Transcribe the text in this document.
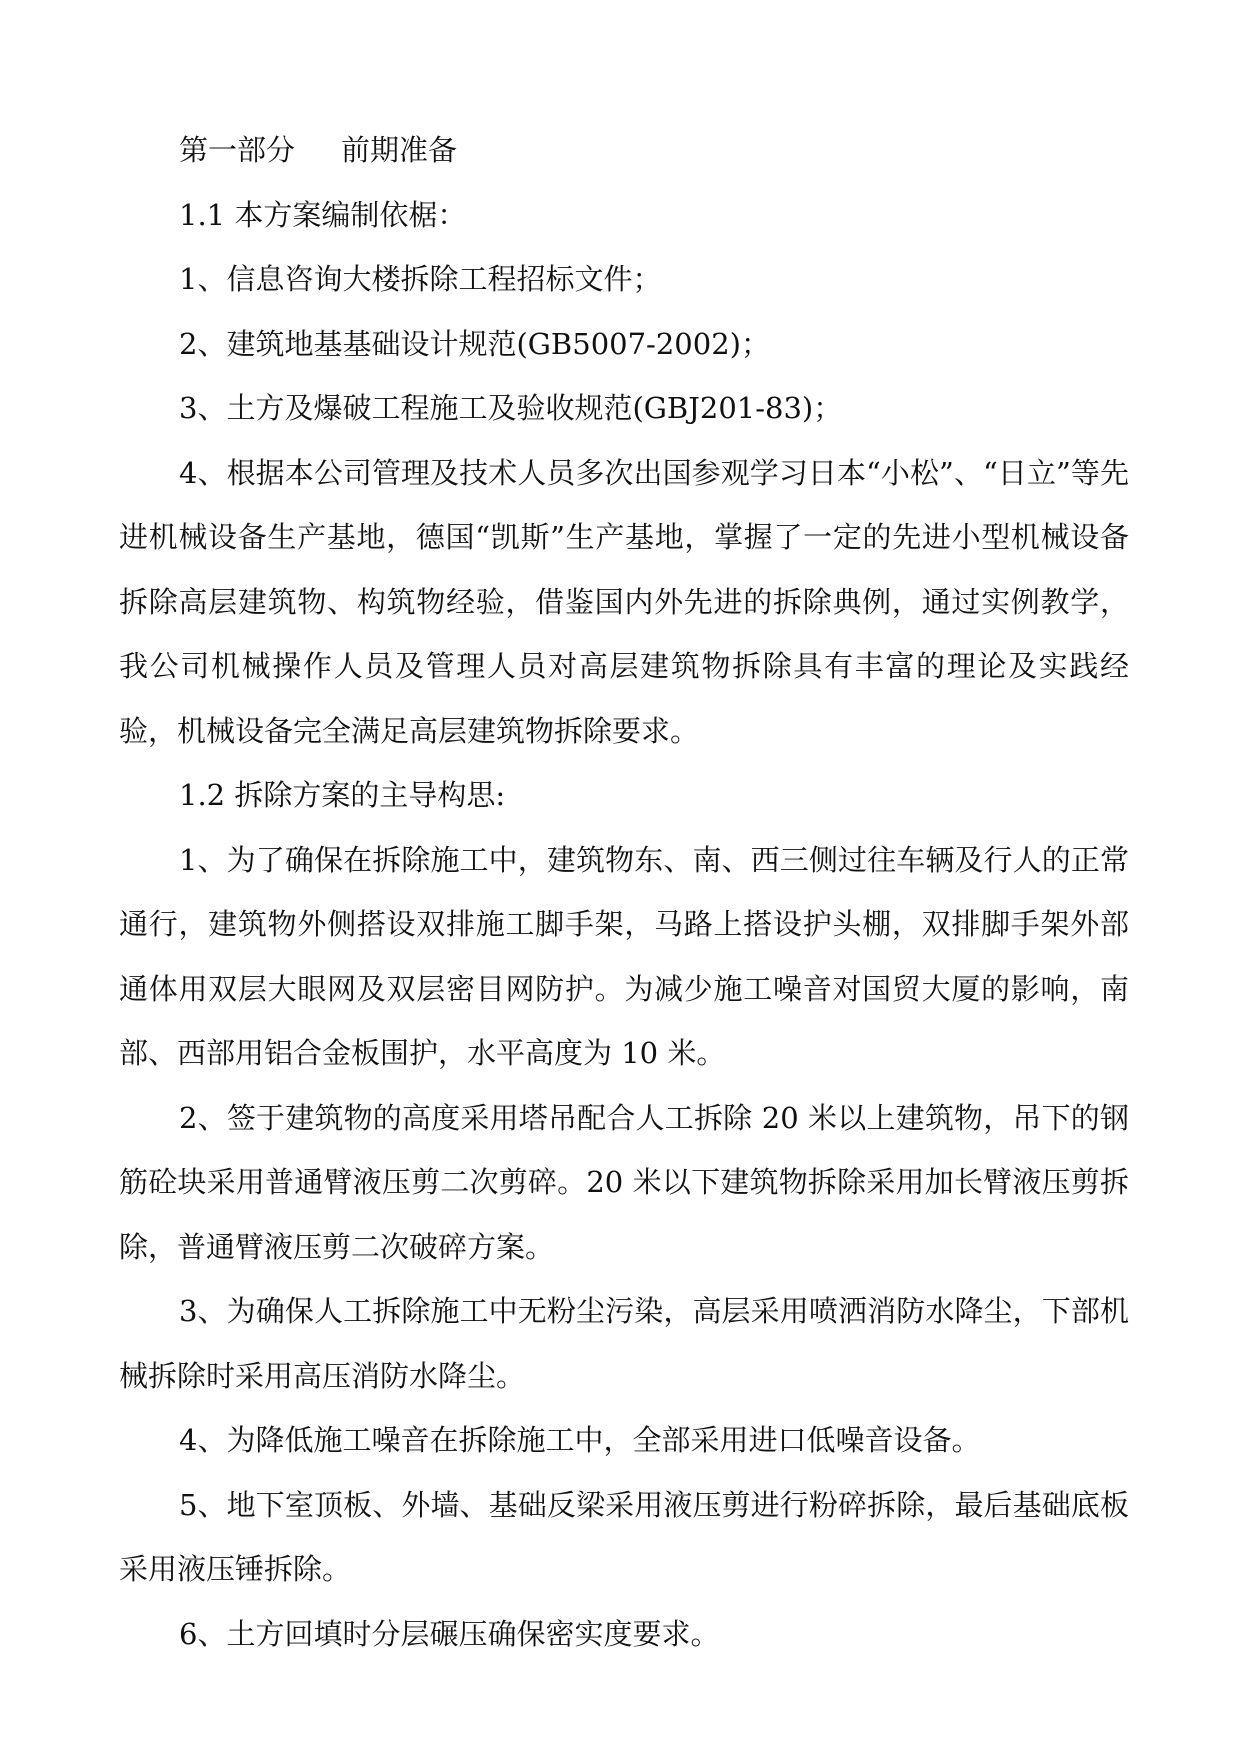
第一部分 前期准备

1.1 本方案编制依椐：

1、信息咨询大楼拆除工程招标文件；

2、建筑地基基础设计规范(GB5007-2002)；

3、土方及爆破工程施工及验收规范(GBJ201-83)；

4、根据本公司管理及技术人员多次出国参观学习日本“小松”、“日立”等先进机械设备生产基地，德国“凯斯”生产基地，掌握了一定的先进小型机械设备拆除高层建筑物、构筑物经验，借鉴国内外先进的拆除典例，通过实例教学，我公司机械操作人员及管理人员对高层建筑物拆除具有丰富的理论及实践经验，机械设备完全满足高层建筑物拆除要求。

1.2 拆除方案的主导构思:

1、为了确保在拆除施工中，建筑物东、南、西三侧过往车辆及行人的正常通行，建筑物外侧搭设双排施工脚手架，马路上搭设护头棚，双排脚手架外部通体用双层大眼网及双层密目网防护。为减少施工噪音对国贸大厦的影响，南部、西部用铝合金板围护，水平高度为 10 米。

2、签于建筑物的高度采用塔吊配合人工拆除 20 米以上建筑物，吊下的钢筋砼块采用普通臂液压剪二次剪碎。20 米以下建筑物拆除采用加长臂液压剪拆除，普通臂液压剪二次破碎方案。

3、为确保人工拆除施工中无粉尘污染，高层采用喷洒消防水降尘，下部机械拆除时采用高压消防水降尘。

4、为降低施工噪音在拆除施工中，全部采用进口低噪音设备。

5、地下室顶板、外墙、基础反梁采用液压剪进行粉碎拆除，最后基础底板采用液压锤拆除。

6、土方回填时分层碾压确保密实度要求。
